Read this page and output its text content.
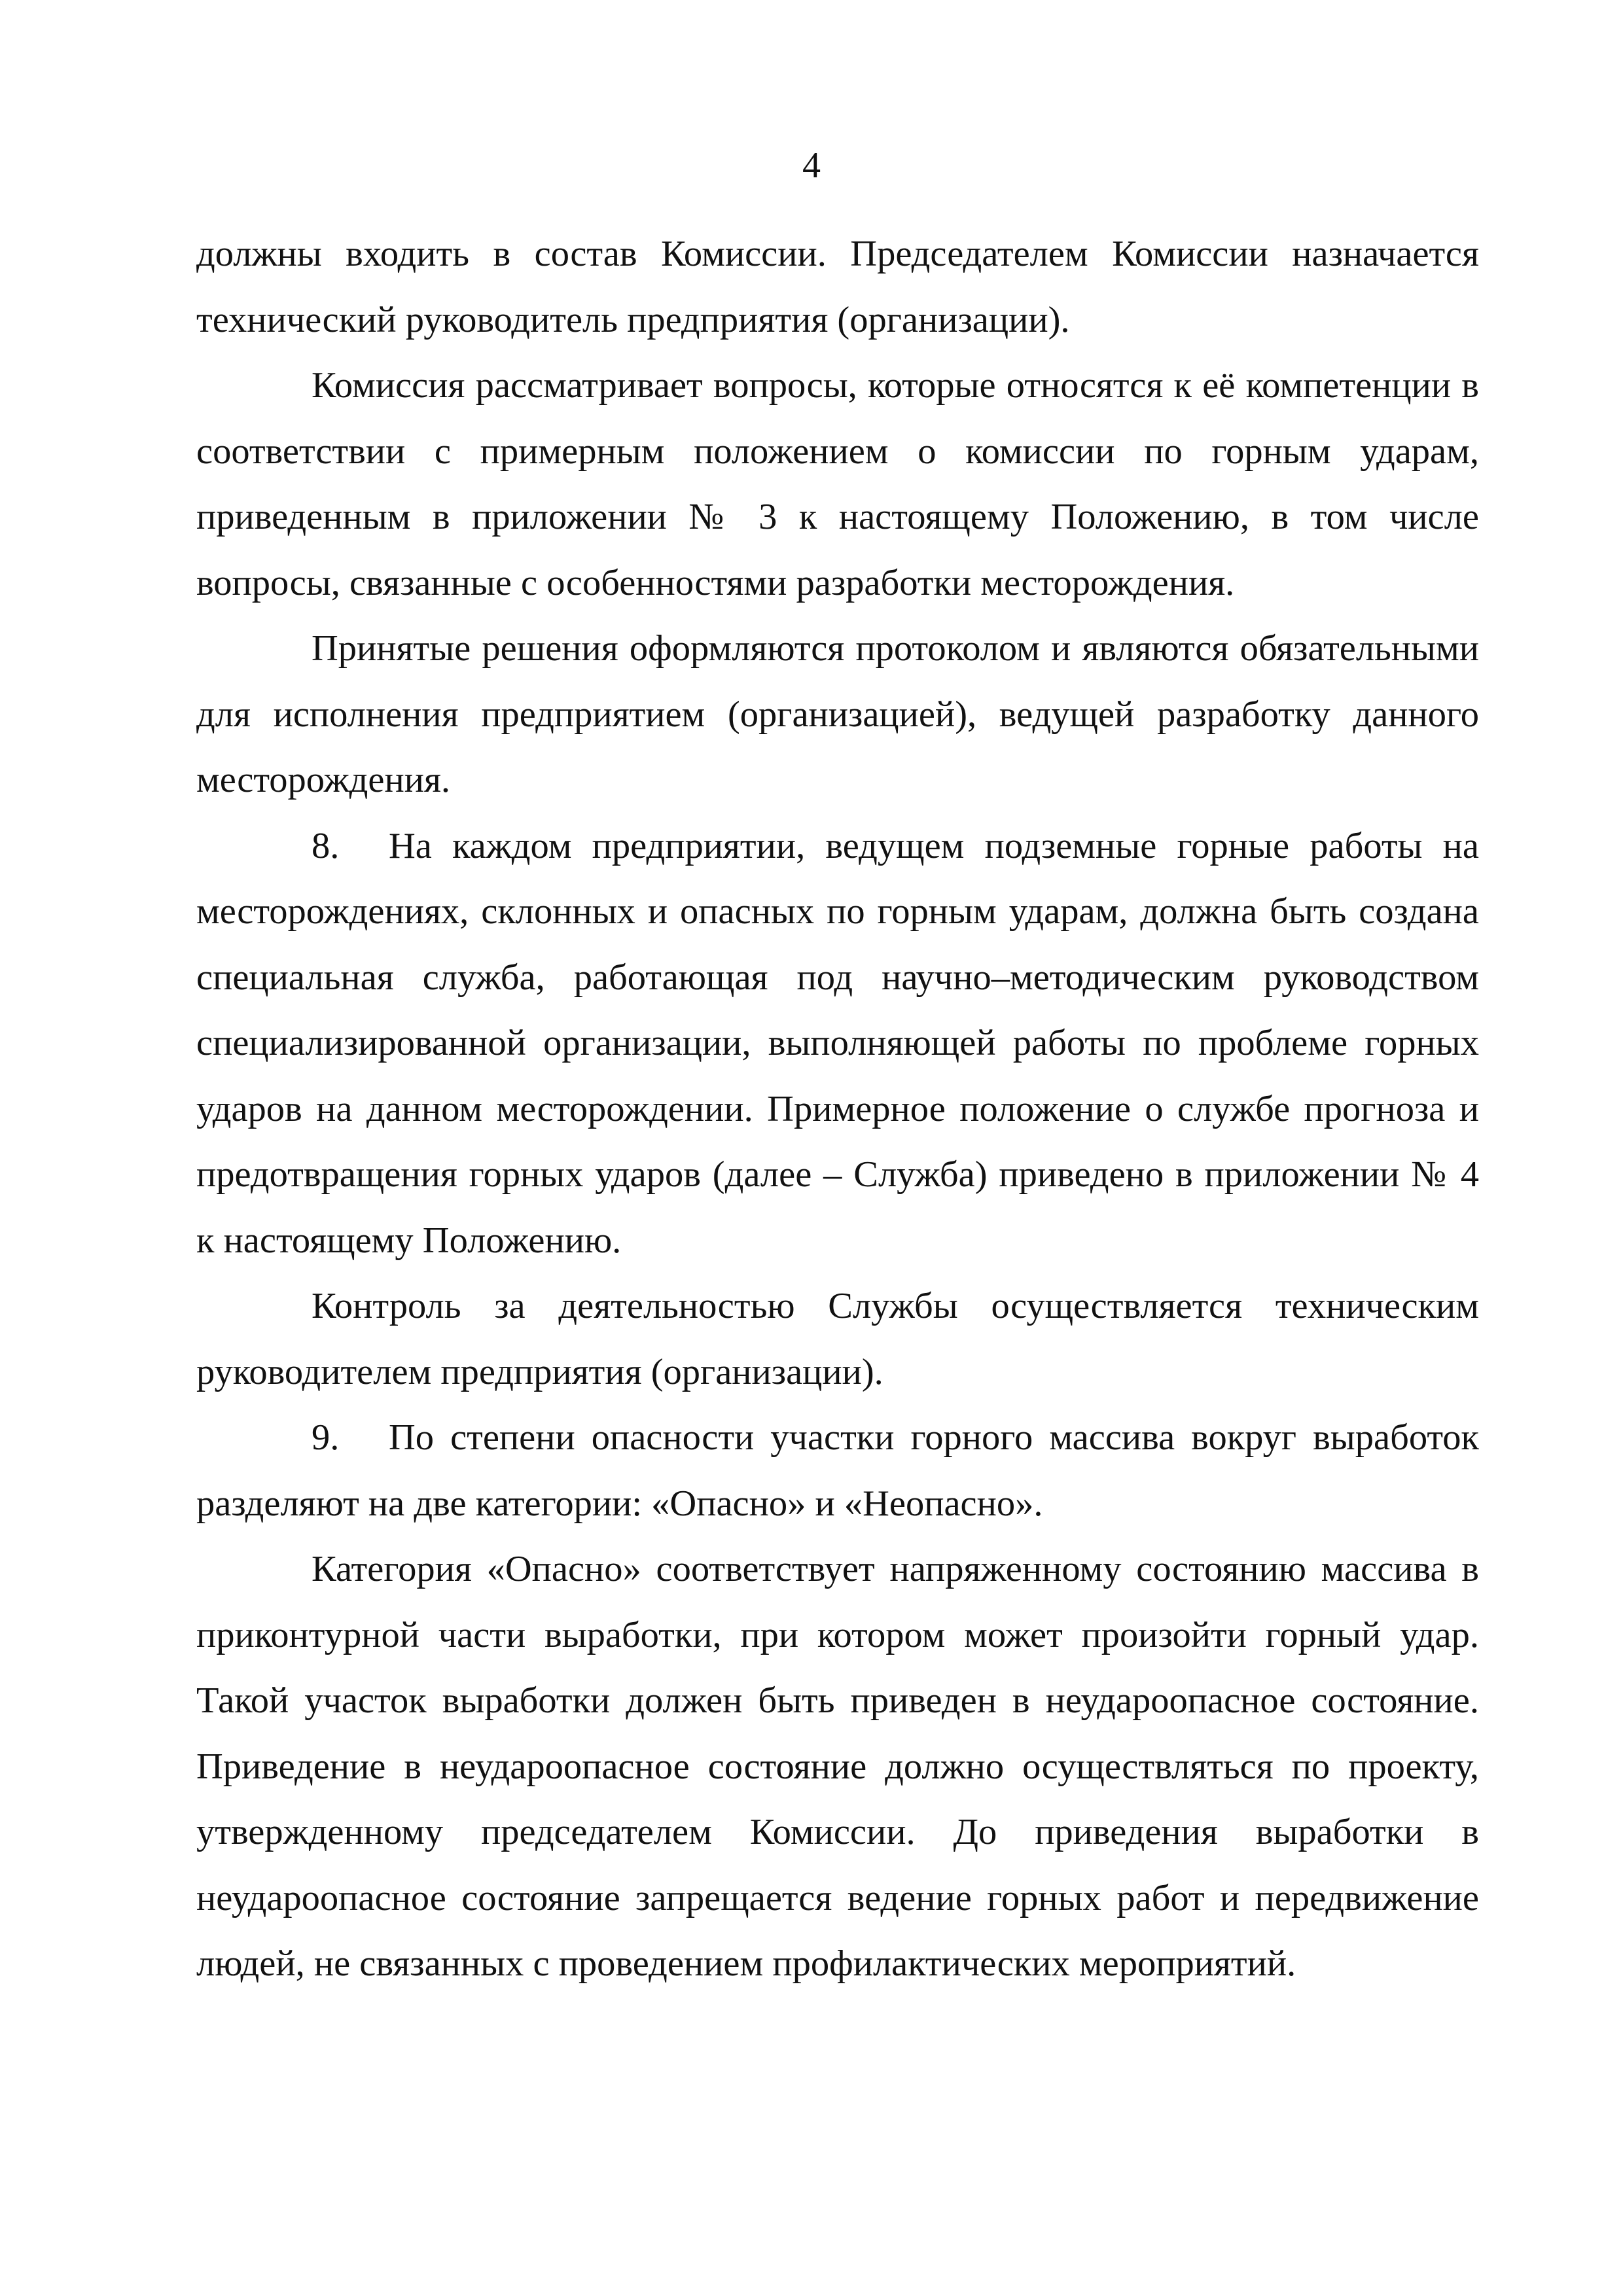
4

должны входить в состав Комиссии. Председателем Комиссии назначается технический руководитель предприятия (организации).

Комиссия рассматривает вопросы, которые относятся к её компетенции в соответствии с примерным положением о комиссии по горным ударам, приведенным в приложении № 3 к настоящему Положению, в том числе вопросы, связанные с особенностями разработки месторождения.

Принятые решения оформляются протоколом и являются обязательными для исполнения предприятием (организацией), ведущей разработку данного месторождения.

8. На каждом предприятии, ведущем подземные горные работы на месторождениях, склонных и опасных по горным ударам, должна быть создана специальная служба, работающая под научно–методическим руководством специализированной организации, выполняющей работы по проблеме горных ударов на данном месторождении. Примерное положение о службе прогноза и предотвращения горных ударов (далее – Служба) приведено в приложении № 4 к настоящему Положению.

Контроль за деятельностью Службы осуществляется техническим руководителем предприятия (организации).

9. По степени опасности участки горного массива вокруг выработок разделяют на две категории: «Опасно» и «Неопасно».

Категория «Опасно» соответствует напряженному состоянию массива в приконтурной части выработки, при котором может произойти горный удар. Такой участок выработки должен быть приведен в неудароопасное состояние. Приведение в неудароопасное состояние должно осуществляться по проекту, утвержденному председателем Комиссии. До приведения выработки в неудароопасное состояние запрещается ведение горных работ и передвижение людей, не связанных с проведением профилактических мероприятий.
